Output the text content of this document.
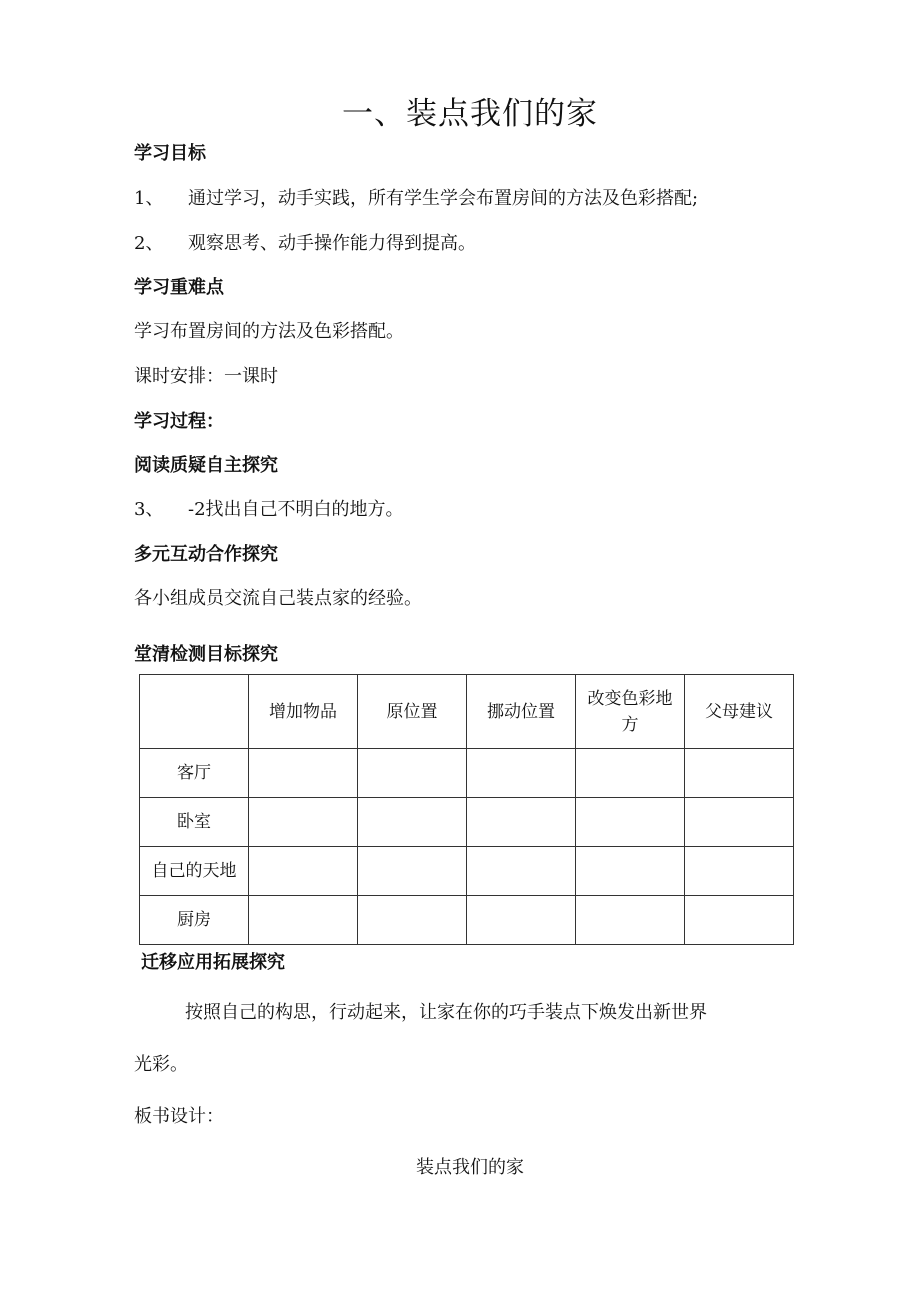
一、装点我们的家
学习目标
1、 通过学习，动手实践，所有学生学会布置房间的方法及色彩搭配;
2、 观察思考、动手操作能力得到提高。
学习重难点
学习布置房间的方法及色彩搭配。
课时安排：一课时
学习过程：
阅读质疑自主探究
3、 -2找出自己不明白的地方。
多元互动合作探究
各小组成员交流自己装点家的经验。
堂清检测目标探究
	增加物品	原位置	挪动位置	改变色彩地方	父母建议
客厅					
卧室					
自己的天地					
厨房					
迁移应用拓展探究
按照自己的构思，行动起来，让家在你的巧手装点下焕发出新世界
光彩。
板书设计：
装点我们的家
